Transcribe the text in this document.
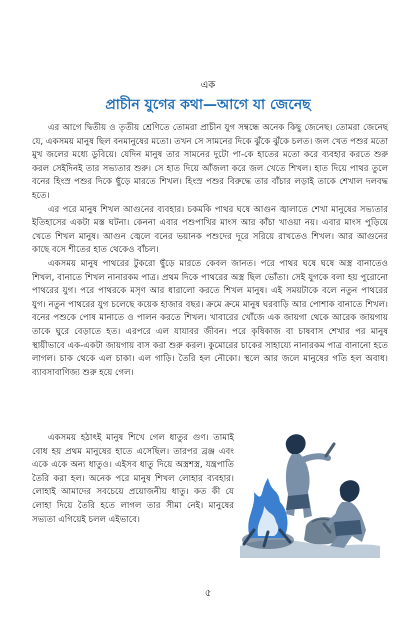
এক
প্রাচীন যুগের কথা—আগে যা জেনেছ

এর আগে দ্বিতীয় ও তৃতীয় শ্রেণিতে তোমরা প্রাচীন যুগ সম্বন্ধে অনেক কিছু জেনেছ। তোমরা জেনেছ যে, একসময় মানুষ ছিল বনমানুষের মতো। তখন সে সামনের দিকে ঝুঁকে ঝুঁকে চলত। জল খেত পশুর মতো মুখ জলের মধ্যে ডুবিয়ে। যেদিন মানুষ তার সামনের দুটো পা-কে হাতের মতো করে ব্যবহার করতে শুরু করল সেইদিনই তার সভ্যতার শুরু। সে হাত দিয়ে আঁজলা করে জল খেতে শিখল। হাত দিয়ে পাথর তুলে বনের হিংস্র পশুর দিকে ছুঁড়ে মারতে শিখল। হিংস্র পশুর বিরুদ্ধে তার বাঁচার লড়াই তাকে শেখাল দলবদ্ধ হতে।

এর পরে মানুষ শিখল আগুনের ব্যবহার। চকমকি পাথর ঘষে আগুন জ্বালাতে শেখা মানুষের সভ্যতার ইতিহাসের একটা মস্ত ঘটনা। কেননা এবার পশুপাখির মাংস আর কাঁচা খাওয়া নয়। এবার মাংস পুড়িয়ে খেতে শিখল মানুষ। আগুন জ্বেলে বনের ভয়ানক পশুদের দূরে সরিয়ে রাখতেও শিখল। আর আগুনের কাছে বসে শীতের হাত থেকেও বাঁচল।

একসময় মানুষ পাথরের টুকরো ছুঁড়ে মারতে কেবল জানত। পরে পাথর ঘষে ঘষে অস্ত্র বানাতেও শিখল, বানাতে শিখল নানারকম পাত্র। প্রথম দিকে পাথরের অস্ত্র ছিল ভোঁতা। সেই যুগকে বলা হয় পুরোনো পাথরের যুগ। পরে পাথরকে মসৃণ আর ধারালো করতে শিখল মানুষ। এই সময়টাকে বলে নতুন পাথরের যুগ। নতুন পাথরের যুগ চলেছে কয়েক হাজার বছর। ক্রমে ক্রমে মানুষ ঘরবাড়ি আর পোশাক বানাতে শিখল। বনের পশুকে পোষ মানাতে ও পালন করতে শিখল। খাবারের খোঁজে এক জায়গা থেকে আরেক জায়গায় তাকে ঘুরে বেড়াতে হত। এরপরে এল যাযাবর জীবন। পরে কৃষিকাজ বা চাষবাস শেখার পর মানুষ স্থায়ীভাবে এক-একটা জায়গায় বাস করা শুরু করল। কুমোরের চাকের সাহায্যে নানারকম পাত্র বানানো হতে লাগল। চাক থেকে এল চাকা। এল গাড়ি। তৈরি হল নৌকো। স্থলে আর জলে মানুষের গতি হল অবাধ। ব্যাবসাবাণিজ্য শুরু হয়ে গেল।

একসময় হঠাৎই মানুষ শিখে গেল ধাতুর গুণ। তামাই বোধ হয় প্রথম মানুষের হাতে এসেছিল। তারপর ব্রঞ্জ এবং একে একে অন্য ধাতুও। এইসব ধাতু দিয়ে অস্ত্রশস্ত্র, যন্ত্রপাতি তৈরি করা হল। অনেক পরে মানুষ শিখল লোহার ব্যবহার। লোহাই আমাদের সবচেয়ে প্রয়োজনীয় ধাতু। কত কী যে লোহা দিয়ে তৈরি হতে লাগল তার সীমা নেই। মানুষের সভ্যতা এগিয়েই চলল এইভাবে।

৫
